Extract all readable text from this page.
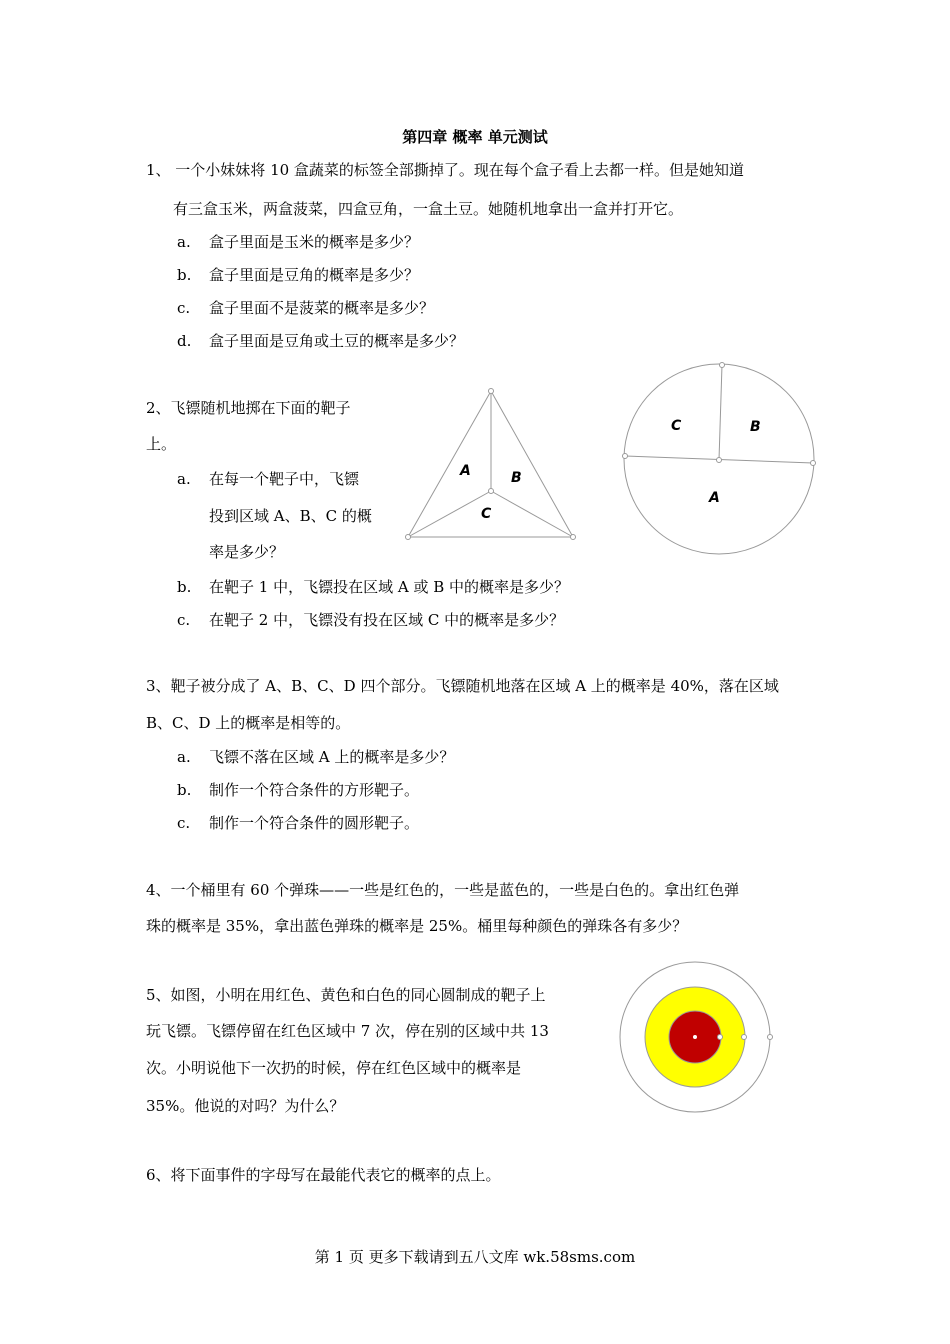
第四章 概率 单元测试
1、 一个小妹妹将 10 盒蔬菜的标签全部撕掉了。现在每个盒子看上去都一样。但是她知道
有三盒玉米，两盒菠菜，四盒豆角，一盒土豆。她随机地拿出一盒并打开它。
a. 盒子里面是玉米的概率是多少？
b. 盒子里面是豆角的概率是多少？
c. 盒子里面不是菠菜的概率是多少？
d. 盒子里面是豆角或土豆的概率是多少？
2、飞镖随机地掷在下面的靶子
上。
a. 在每一个靶子中，飞镖
投到区域 A、B、C 的概
率是多少？
b. 在靶子 1 中，飞镖投在区域 A 或 B 中的概率是多少？
c. 在靶子 2 中，飞镖没有投在区域 C 中的概率是多少？
A	B
C
C	B
A
3、靶子被分成了 A、B、C、D 四个部分。飞镖随机地落在区域 A 上的概率是 40%，落在区域
B、C、D 上的概率是相等的。
a. 飞镖不落在区域 A 上的概率是多少？
b. 制作一个符合条件的方形靶子。
c. 制作一个符合条件的圆形靶子。
4、一个桶里有 60 个弹珠——一些是红色的，一些是蓝色的，一些是白色的。拿出红色弹
珠的概率是 35%，拿出蓝色弹珠的概率是 25%。桶里每种颜色的弹珠各有多少？
5、如图，小明在用红色、黄色和白色的同心圆制成的靶子上
玩飞镖。飞镖停留在红色区域中 7 次，停在别的区域中共 13
次。小明说他下一次扔的时候，停在红色区域中的概率是
35%。他说的对吗？为什么？
6、将下面事件的字母写在最能代表它的概率的点上。
第 1 页 更多下载请到五八文库 wk.58sms.com
